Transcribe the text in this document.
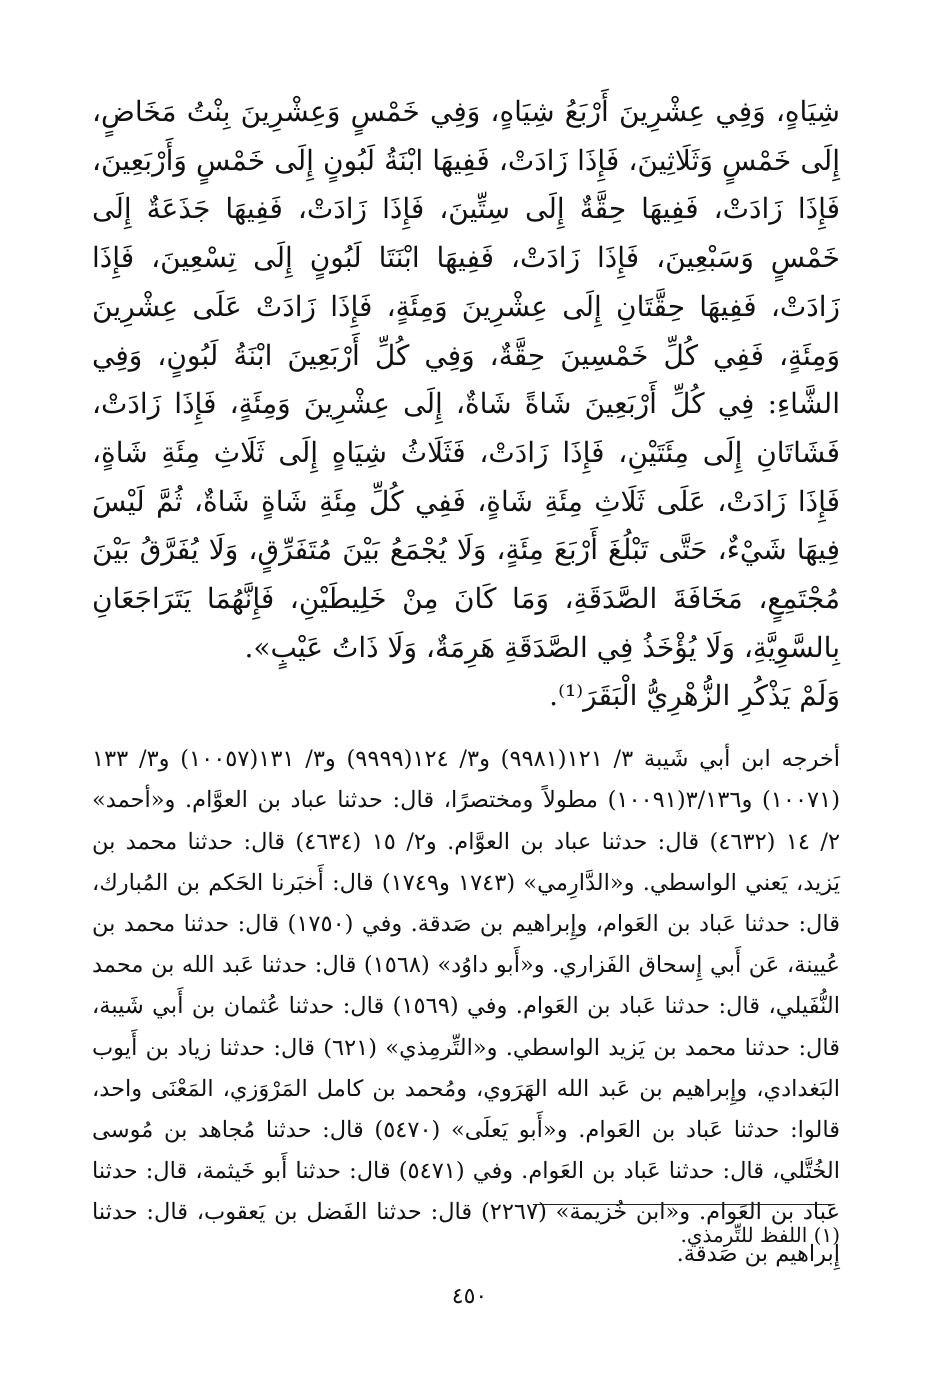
شِيَاهٍ، وَفِي عِشْرِينَ أَرْبَعُ شِيَاهٍ، وَفِي خَمْسٍ وَعِشْرِينَ بِنْتُ مَخَاضٍ، إِلَى خَمْسٍ وَثَلَاثِينَ، فَإِذَا زَادَتْ، فَفِيهَا ابْنَةُ لَبُونٍ إِلَى خَمْسٍ وَأَرْبَعِينَ، فَإِذَا زَادَتْ، فَفِيهَا حِقَّةٌ إِلَى سِتِّينَ، فَإِذَا زَادَتْ، فَفِيهَا جَذَعَةٌ إِلَى خَمْسٍ وَسَبْعِينَ، فَإِذَا زَادَتْ، فَفِيهَا ابْنَتَا لَبُونٍ إِلَى تِسْعِينَ، فَإِذَا زَادَتْ، فَفِيهَا حِقَّتَانِ إِلَى عِشْرِينَ وَمِئَةٍ، فَإِذَا زَادَتْ عَلَى عِشْرِينَ وَمِئَةٍ، فَفِي كُلِّ خَمْسِينَ حِقَّةٌ، وَفِي كُلِّ أَرْبَعِينَ ابْنَةُ لَبُونٍ، وَفِي الشَّاءِ: فِي كُلِّ أَرْبَعِينَ شَاةً شَاةٌ، إِلَى عِشْرِينَ وَمِئَةٍ، فَإِذَا زَادَتْ، فَشَاتَانِ إِلَى مِئَتَيْنِ، فَإِذَا زَادَتْ، فَثَلَاثُ شِيَاهٍ إِلَى ثَلَاثِ مِئَةِ شَاةٍ، فَإِذَا زَادَتْ، عَلَى ثَلَاثِ مِئَةِ شَاةٍ، فَفِي كُلِّ مِئَةِ شَاةٍ شَاةٌ، ثُمَّ لَيْسَ فِيهَا شَيْءٌ، حَتَّى تَبْلُغَ أَرْبَعَ مِئَةٍ، وَلَا يُجْمَعُ بَيْنَ مُتَفَرِّقٍ، وَلَا يُفَرَّقُ بَيْنَ مُجْتَمِعٍ، مَخَافَةَ الصَّدَقَةِ، وَمَا كَانَ مِنْ خَلِيطَيْنِ، فَإِنَّهُمَا يَتَرَاجَعَانِ بِالسَّوِيَّةِ، وَلَا يُؤْخَذُ فِي الصَّدَقَةِ هَرِمَةٌ، وَلَا ذَاتُ عَيْبٍ».

وَلَمْ يَذْكُرِ الزُّهْرِيُّ الْبَقَرَ⁽¹⁾.

أخرجه ابن أبي شَيبة ٣/ ١٢١(٩٩٨١) و٣/ ١٢٤(٩٩٩٩) و٣/ ١٣١(١٠٠٥٧) و٣/ ١٣٣ (١٠٠٧١) و٣/١٣٦(١٠٠٩١) مطولاً ومختصرًا، قال: حدثنا عباد بن العوَّام. و«أحمد» ٢/ ١٤ (٤٦٣٢) قال: حدثنا عباد بن العوَّام. و٢/ ١٥ (٤٦٣٤) قال: حدثنا محمد بن يَزيد، يَعني الواسطي. و«الدَّارِمي» (١٧٤٣ و١٧٤٩) قال: أَخبَرنا الحَكم بن المُبارك، قال: حدثنا عَباد بن العَوام، وإِبراهيم بن صَدقة. وفي (١٧٥٠) قال: حدثنا محمد بن عُيينة، عَن أَبي إِسحاق الفَزاري. و«أَبو داوُد» (١٥٦٨) قال: حدثنا عَبد الله بن محمد النُّفَيلي، قال: حدثنا عَباد بن العَوام. وفي (١٥٦٩) قال: حدثنا عُثمان بن أَبي شَيبة، قال: حدثنا محمد بن يَزيد الواسطي. و«التِّرمِذي» (٦٢١) قال: حدثنا زياد بن أَيوب البَغدادي، وإِبراهيم بن عَبد الله الهَرَوي، ومُحمد بن كامل المَرْوَزي، المَعْنَى واحد، قالوا: حدثنا عَباد بن العَوام. و«أَبو يَعلَى» (٥٤٧٠) قال: حدثنا مُجاهد بن مُوسى الخُتَّلي، قال: حدثنا عَباد بن العَوام. وفي (٥٤٧١) قال: حدثنا أَبو خَيثمة، قال: حدثنا عَباد بن العَوام. و«ابن خُزيمة» (٢٢٦٧) قال: حدثنا الفَضل بن يَعقوب، قال: حدثنا إِبراهيم بن صَدقة.

(١) اللفظ للتِّرمذي.
٤٥٠
